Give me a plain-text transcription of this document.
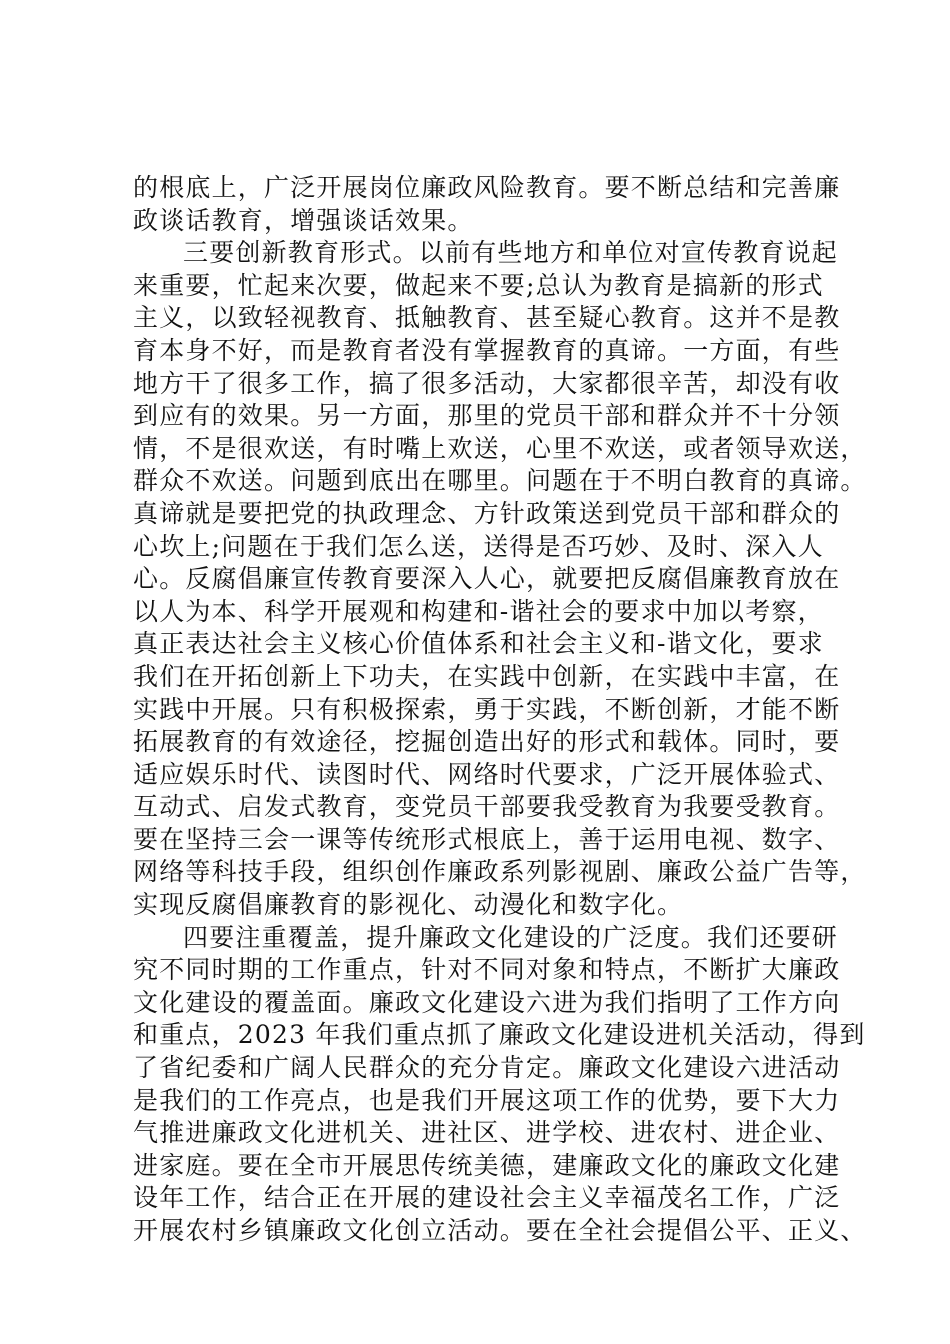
的根底上，广泛开展岗位廉政风险教育。要不断总结和完善廉
政谈话教育，增强谈话效果。
三要创新教育形式。以前有些地方和单位对宣传教育说起
来重要，忙起来次要，做起来不要;总认为教育是搞新的形式
主义，以致轻视教育、抵触教育、甚至疑心教育。这并不是教
育本身不好，而是教育者没有掌握教育的真谛。一方面，有些
地方干了很多工作，搞了很多活动，大家都很辛苦，却没有收
到应有的效果。另一方面，那里的党员干部和群众并不十分领
情，不是很欢送，有时嘴上欢送，心里不欢送，或者领导欢送，
群众不欢送。问题到底出在哪里。问题在于不明白教育的真谛。
真谛就是要把党的执政理念、方针政策送到党员干部和群众的
心坎上;问题在于我们怎么送，送得是否巧妙、及时、深入人
心。反腐倡廉宣传教育要深入人心，就要把反腐倡廉教育放在
以人为本、科学开展观和构建和-谐社会的要求中加以考察，
真正表达社会主义核心价值体系和社会主义和-谐文化，要求
我们在开拓创新上下功夫，在实践中创新，在实践中丰富，在
实践中开展。只有积极探索，勇于实践，不断创新，才能不断
拓展教育的有效途径，挖掘创造出好的形式和载体。同时，要
适应娱乐时代、读图时代、网络时代要求，广泛开展体验式、
互动式、启发式教育，变党员干部要我受教育为我要受教育。
要在坚持三会一课等传统形式根底上，善于运用电视、数字、
网络等科技手段，组织创作廉政系列影视剧、廉政公益广告等，
实现反腐倡廉教育的影视化、动漫化和数字化。
四要注重覆盖，提升廉政文化建设的广泛度。我们还要研
究不同时期的工作重点，针对不同对象和特点，不断扩大廉政
文化建设的覆盖面。廉政文化建设六进为我们指明了工作方向
和重点，2023 年我们重点抓了廉政文化建设进机关活动，得到
了省纪委和广阔人民群众的充分肯定。廉政文化建设六进活动
是我们的工作亮点，也是我们开展这项工作的优势，要下大力
气推进廉政文化进机关、进社区、进学校、进农村、进企业、
进家庭。要在全市开展思传统美德，建廉政文化的廉政文化建
设年工作，结合正在开展的建设社会主义幸福茂名工作，广泛
开展农村乡镇廉政文化创立活动。要在全社会提倡公平、正义、
